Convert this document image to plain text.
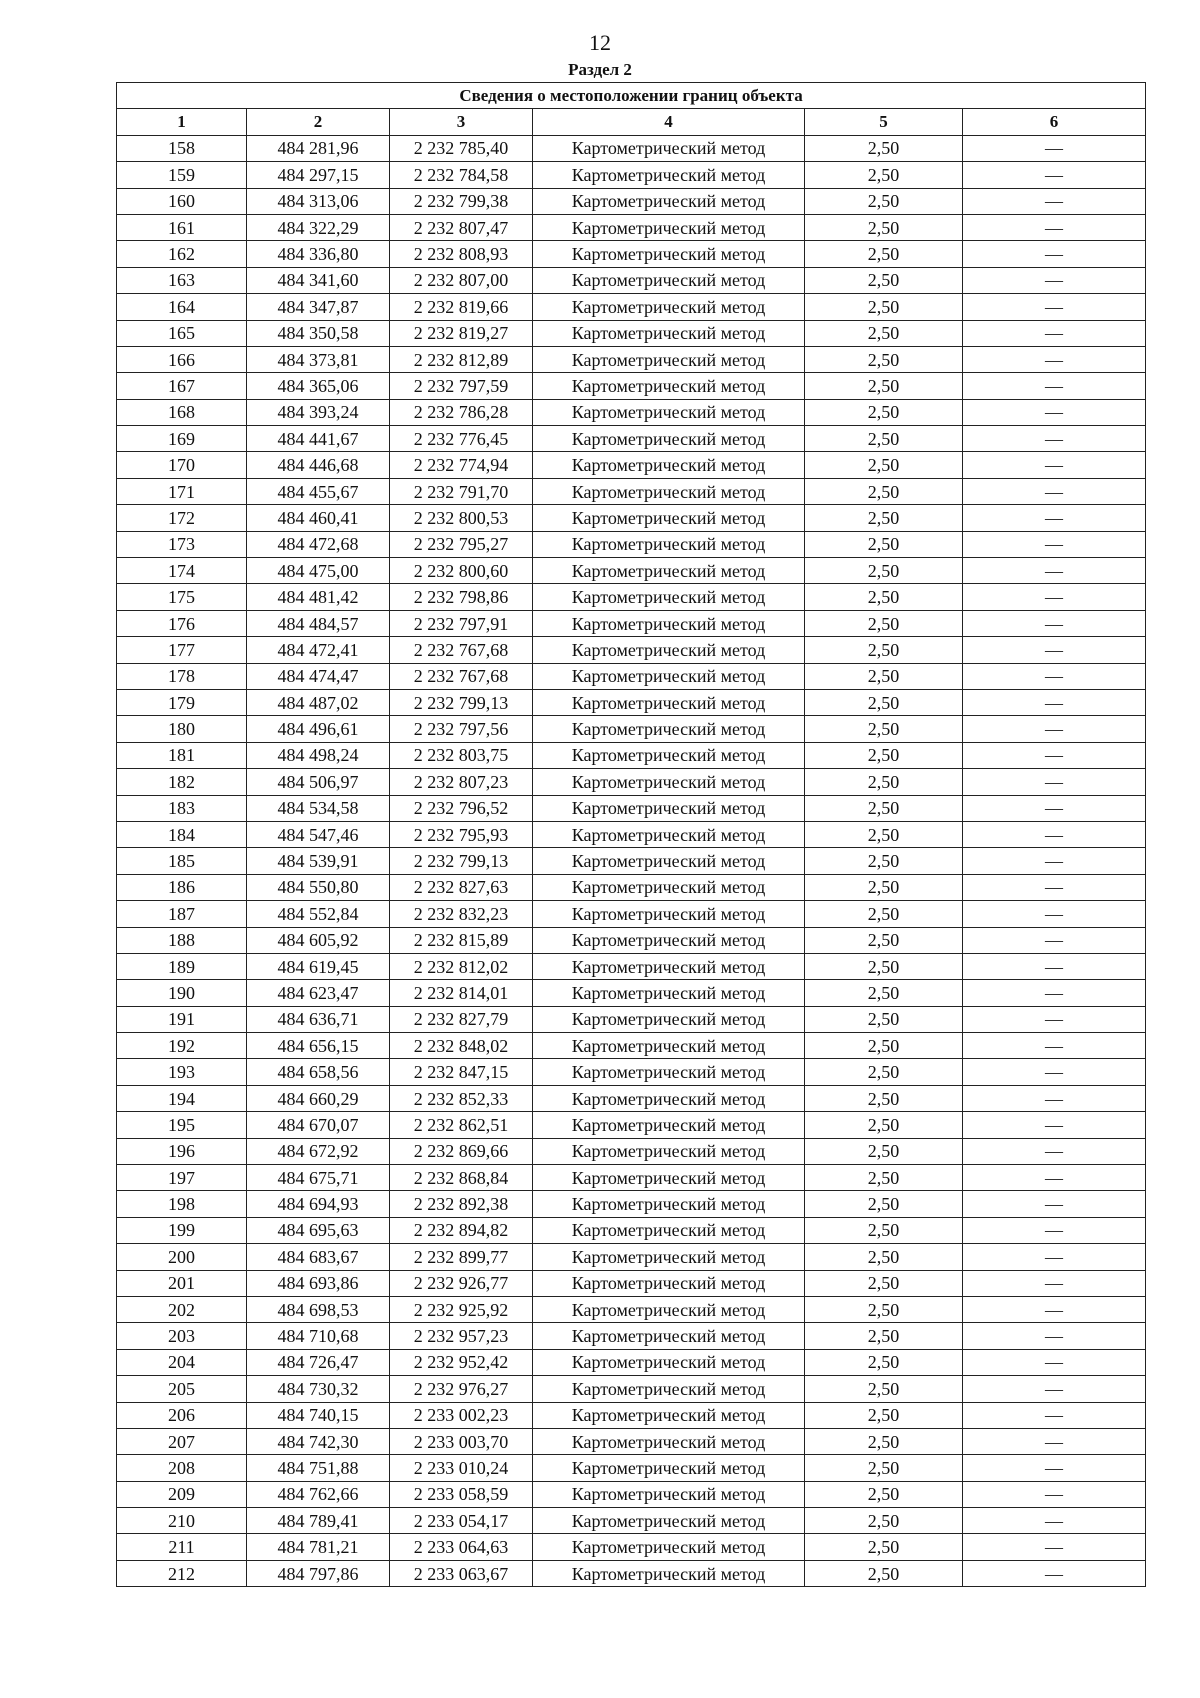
12
Раздел 2
Сведения о местоположении границ объекта					
1	2	3	4	5	6
158	484 281,96	2 232 785,40	Картометрический метод	2,50	—
159	484 297,15	2 232 784,58	Картометрический метод	2,50	—
160	484 313,06	2 232 799,38	Картометрический метод	2,50	—
161	484 322,29	2 232 807,47	Картометрический метод	2,50	—
162	484 336,80	2 232 808,93	Картометрический метод	2,50	—
163	484 341,60	2 232 807,00	Картометрический метод	2,50	—
164	484 347,87	2 232 819,66	Картометрический метод	2,50	—
165	484 350,58	2 232 819,27	Картометрический метод	2,50	—
166	484 373,81	2 232 812,89	Картометрический метод	2,50	—
167	484 365,06	2 232 797,59	Картометрический метод	2,50	—
168	484 393,24	2 232 786,28	Картометрический метод	2,50	—
169	484 441,67	2 232 776,45	Картометрический метод	2,50	—
170	484 446,68	2 232 774,94	Картометрический метод	2,50	—
171	484 455,67	2 232 791,70	Картометрический метод	2,50	—
172	484 460,41	2 232 800,53	Картометрический метод	2,50	—
173	484 472,68	2 232 795,27	Картометрический метод	2,50	—
174	484 475,00	2 232 800,60	Картометрический метод	2,50	—
175	484 481,42	2 232 798,86	Картометрический метод	2,50	—
176	484 484,57	2 232 797,91	Картометрический метод	2,50	—
177	484 472,41	2 232 767,68	Картометрический метод	2,50	—
178	484 474,47	2 232 767,68	Картометрический метод	2,50	—
179	484 487,02	2 232 799,13	Картометрический метод	2,50	—
180	484 496,61	2 232 797,56	Картометрический метод	2,50	—
181	484 498,24	2 232 803,75	Картометрический метод	2,50	—
182	484 506,97	2 232 807,23	Картометрический метод	2,50	—
183	484 534,58	2 232 796,52	Картометрический метод	2,50	—
184	484 547,46	2 232 795,93	Картометрический метод	2,50	—
185	484 539,91	2 232 799,13	Картометрический метод	2,50	—
186	484 550,80	2 232 827,63	Картометрический метод	2,50	—
187	484 552,84	2 232 832,23	Картометрический метод	2,50	—
188	484 605,92	2 232 815,89	Картометрический метод	2,50	—
189	484 619,45	2 232 812,02	Картометрический метод	2,50	—
190	484 623,47	2 232 814,01	Картометрический метод	2,50	—
191	484 636,71	2 232 827,79	Картометрический метод	2,50	—
192	484 656,15	2 232 848,02	Картометрический метод	2,50	—
193	484 658,56	2 232 847,15	Картометрический метод	2,50	—
194	484 660,29	2 232 852,33	Картометрический метод	2,50	—
195	484 670,07	2 232 862,51	Картометрический метод	2,50	—
196	484 672,92	2 232 869,66	Картометрический метод	2,50	—
197	484 675,71	2 232 868,84	Картометрический метод	2,50	—
198	484 694,93	2 232 892,38	Картометрический метод	2,50	—
199	484 695,63	2 232 894,82	Картометрический метод	2,50	—
200	484 683,67	2 232 899,77	Картометрический метод	2,50	—
201	484 693,86	2 232 926,77	Картометрический метод	2,50	—
202	484 698,53	2 232 925,92	Картометрический метод	2,50	—
203	484 710,68	2 232 957,23	Картометрический метод	2,50	—
204	484 726,47	2 232 952,42	Картометрический метод	2,50	—
205	484 730,32	2 232 976,27	Картометрический метод	2,50	—
206	484 740,15	2 233 002,23	Картометрический метод	2,50	—
207	484 742,30	2 233 003,70	Картометрический метод	2,50	—
208	484 751,88	2 233 010,24	Картометрический метод	2,50	—
209	484 762,66	2 233 058,59	Картометрический метод	2,50	—
210	484 789,41	2 233 054,17	Картометрический метод	2,50	—
211	484 781,21	2 233 064,63	Картометрический метод	2,50	—
212	484 797,86	2 233 063,67	Картометрический метод	2,50	—
